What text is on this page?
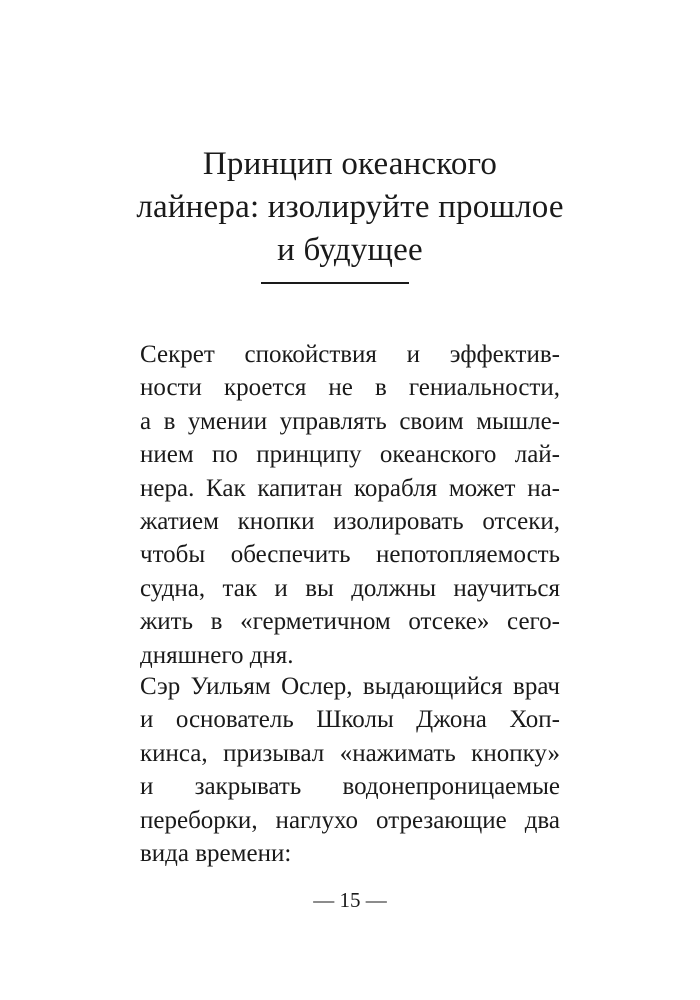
Принцип океанского
лайнера: изолируйте прошлое
и будущее
Секрет спокойствия и эффектив-
ности кроется не в гениальности,
а в умении управлять своим мышле-
нием по принципу океанского лай-
нера. Как капитан корабля может на-
жатием кнопки изолировать отсеки,
чтобы обеспечить непотопляемость
судна, так и вы должны научиться
жить в «герметичном отсеке» сего-
дняшнего дня.
Сэр Уильям Ослер, выдающийся врач
и основатель Школы Джона Хоп-
кинса, призывал «нажимать кнопку»
и закрывать водонепроницаемые
переборки, наглухо отрезающие два
вида времени:
— 15 —
